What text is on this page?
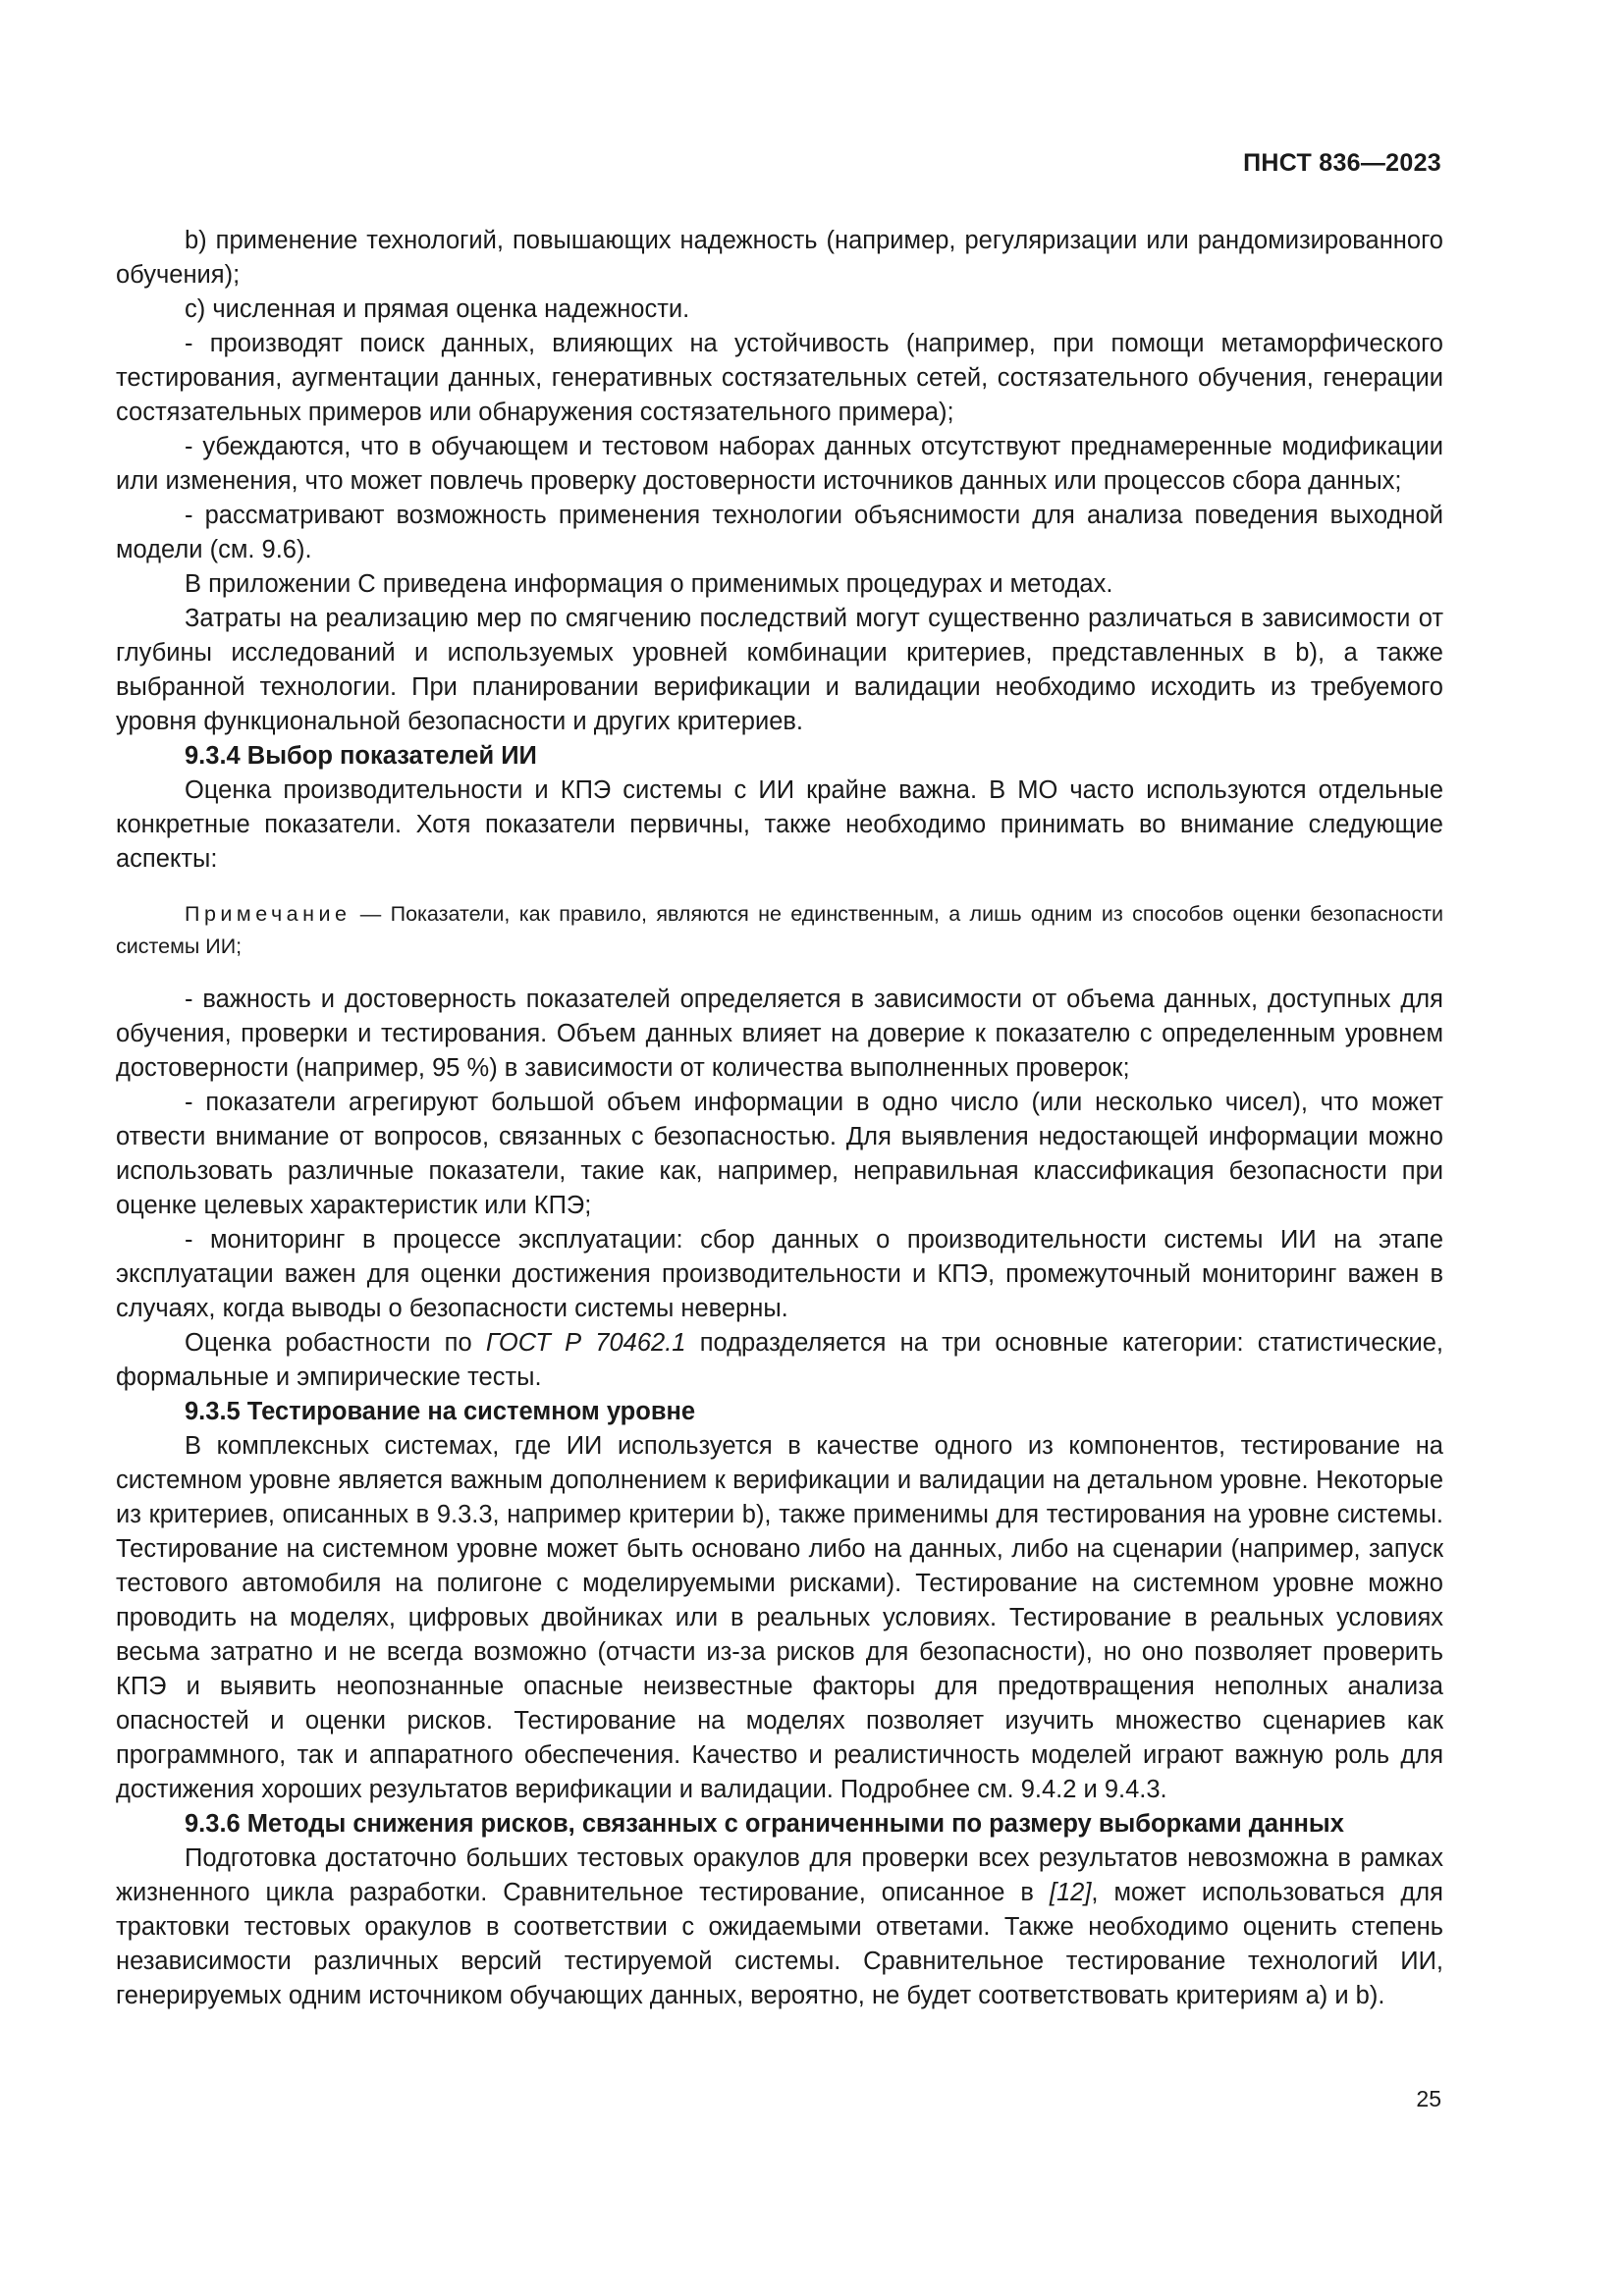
ПНСТ 836—2023

b) применение технологий, повышающих надежность (например, регуляризации или рандомизированного обучения);

c) численная и прямая оценка надежности.

- производят поиск данных, влияющих на устойчивость (например, при помощи метаморфического тестирования, аугментации данных, генеративных состязательных сетей, состязательного обучения, генерации состязательных примеров или обнаружения состязательного примера);

- убеждаются, что в обучающем и тестовом наборах данных отсутствуют преднамеренные модификации или изменения, что может повлечь проверку достоверности источников данных или процессов сбора данных;

- рассматривают возможность применения технологии объяснимости для анализа поведения выходной модели (см. 9.6).

В приложении С приведена информация о применимых процедурах и методах.

Затраты на реализацию мер по смягчению последствий могут существенно различаться в зависимости от глубины исследований и используемых уровней комбинации критериев, представленных в b), а также выбранной технологии. При планировании верификации и валидации необходимо исходить из требуемого уровня функциональной безопасности и других критериев.

9.3.4 Выбор показателей ИИ

Оценка производительности и КПЭ системы с ИИ крайне важна. В МО часто используются отдельные конкретные показатели. Хотя показатели первичны, также необходимо принимать во внимание следующие аспекты:

Примечание — Показатели, как правило, являются не единственным, а лишь одним из способов оценки безопасности системы ИИ;

- важность и достоверность показателей определяется в зависимости от объема данных, доступных для обучения, проверки и тестирования. Объем данных влияет на доверие к показателю с определенным уровнем достоверности (например, 95 %) в зависимости от количества выполненных проверок;

- показатели агрегируют большой объем информации в одно число (или несколько чисел), что может отвести внимание от вопросов, связанных с безопасностью. Для выявления недостающей информации можно использовать различные показатели, такие как, например, неправильная классификация безопасности при оценке целевых характеристик или КПЭ;

- мониторинг в процессе эксплуатации: сбор данных о производительности системы ИИ на этапе эксплуатации важен для оценки достижения производительности и КПЭ, промежуточный мониторинг важен в случаях, когда выводы о безопасности системы неверны.

Оценка робастности по ГОСТ Р 70462.1 подразделяется на три основные категории: статистические, формальные и эмпирические тесты.

9.3.5 Тестирование на системном уровне

В комплексных системах, где ИИ используется в качестве одного из компонентов, тестирование на системном уровне является важным дополнением к верификации и валидации на детальном уровне. Некоторые из критериев, описанных в 9.3.3, например критерии b), также применимы для тестирования на уровне системы. Тестирование на системном уровне может быть основано либо на данных, либо на сценарии (например, запуск тестового автомобиля на полигоне с моделируемыми рисками). Тестирование на системном уровне можно проводить на моделях, цифровых двойниках или в реальных условиях. Тестирование в реальных условиях весьма затратно и не всегда возможно (отчасти из-за рисков для безопасности), но оно позволяет проверить КПЭ и выявить неопознанные опасные неизвестные факторы для предотвращения неполных анализа опасностей и оценки рисков. Тестирование на моделях позволяет изучить множество сценариев как программного, так и аппаратного обеспечения. Качество и реалистичность моделей играют важную роль для достижения хороших результатов верификации и валидации. Подробнее см. 9.4.2 и 9.4.3.

9.3.6 Методы снижения рисков, связанных с ограниченными по размеру выборками данных

Подготовка достаточно больших тестовых оракулов для проверки всех результатов невозможна в рамках жизненного цикла разработки. Сравнительное тестирование, описанное в [12], может использоваться для трактовки тестовых оракулов в соответствии с ожидаемыми ответами. Также необходимо оценить степень независимости различных версий тестируемой системы. Сравнительное тестирование технологий ИИ, генерируемых одним источником обучающих данных, вероятно, не будет соответствовать критериям а) и b).

25
